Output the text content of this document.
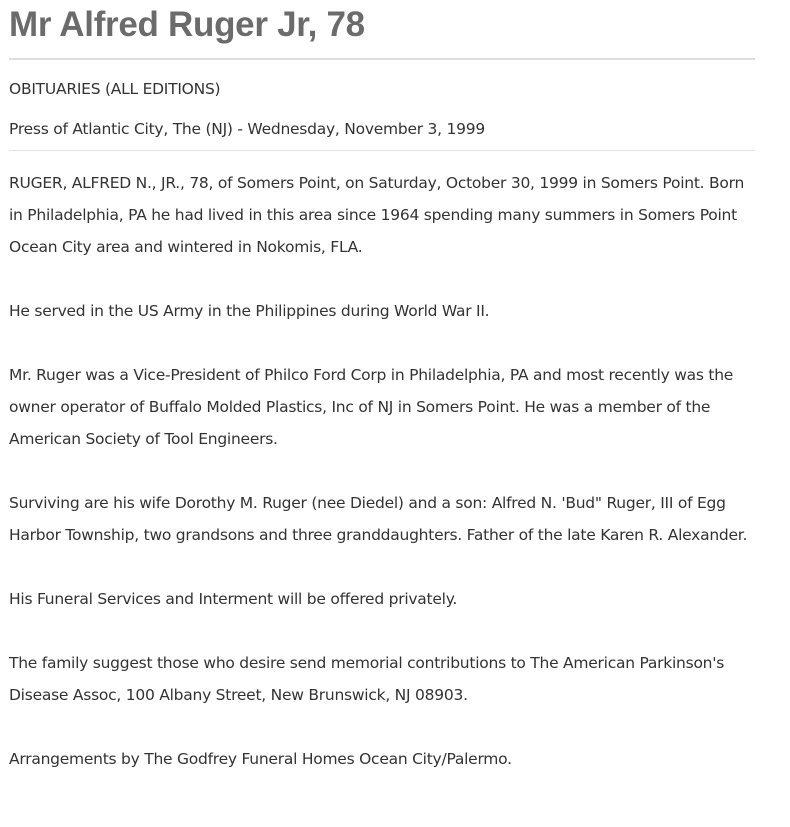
Mr Alfred Ruger Jr, 78
OBITUARIES (ALL EDITIONS)
Press of Atlantic City, The (NJ) - Wednesday, November 3, 1999

RUGER, ALFRED N., JR., 78, of Somers Point, on Saturday, October 30, 1999 in Somers Point. Born in Philadelphia, PA he had lived in this area since 1964 spending many summers in Somers Point Ocean City area and wintered in Nokomis, FLA.

He served in the US Army in the Philippines during World War II.

Mr. Ruger was a Vice-President of Philco Ford Corp in Philadelphia, PA and most recently was the owner operator of Buffalo Molded Plastics, Inc of NJ in Somers Point. He was a member of the American Society of Tool Engineers.

Surviving are his wife Dorothy M. Ruger (nee Diedel) and a son: Alfred N. 'Bud" Ruger, III of Egg Harbor Township, two grandsons and three granddaughters. Father of the late Karen R. Alexander.

His Funeral Services and Interment will be offered privately.

The family suggest those who desire send memorial contributions to The American Parkinson's Disease Assoc, 100 Albany Street, New Brunswick, NJ 08903.

Arrangements by The Godfrey Funeral Homes Ocean City/Palermo.
